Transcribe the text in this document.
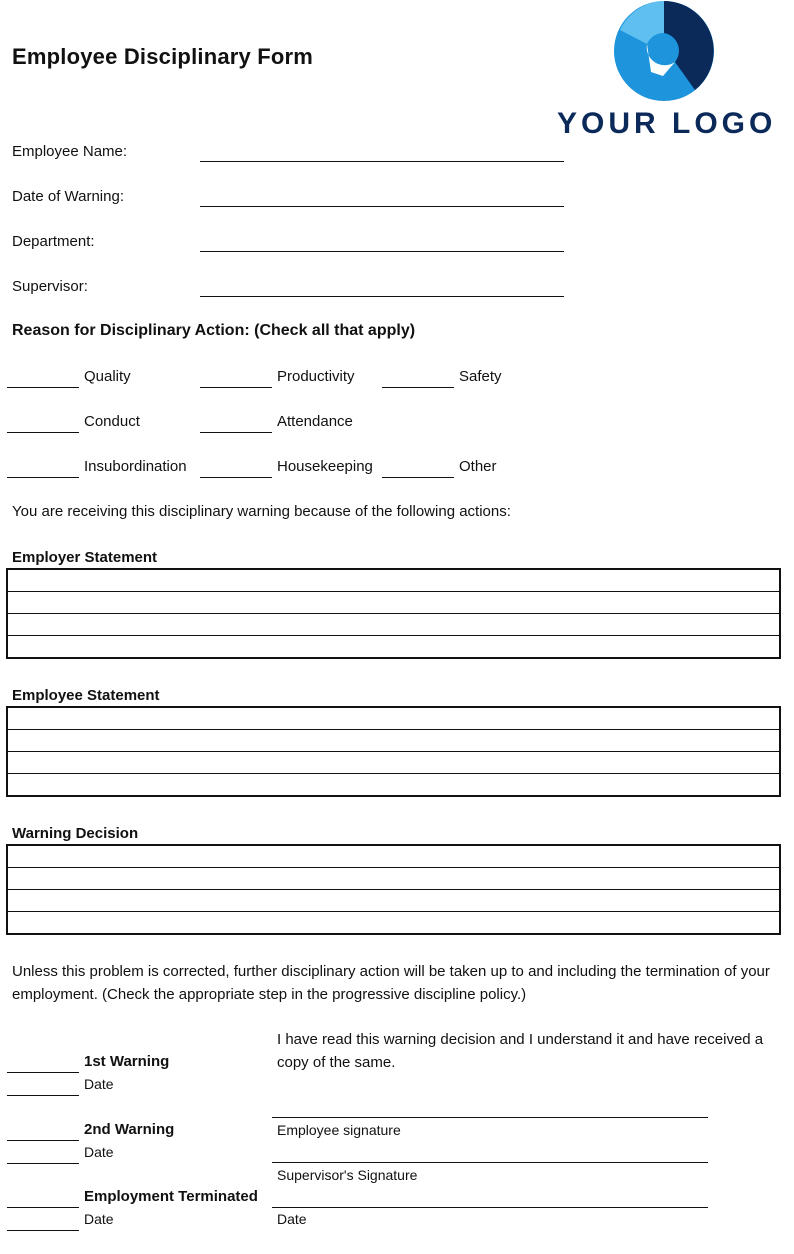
Employee Disciplinary Form
YOUR LOGO
Employee Name:
Date of Warning:
Department:
Supervisor:
Reason for Disciplinary Action: (Check all that apply)
Quality	Productivity	Safety
Conduct	Attendance
Insubordination	Housekeeping	Other
You are receiving this disciplinary warning because of the following actions:
Employer Statement
Employee Statement
Warning Decision
Unless this problem is corrected, further disciplinary action will be taken up to and including the termination of your employment. (Check the appropriate step in the progressive discipline policy.)
I have read this warning decision and I understand it and have received a copy of the same.
1st Warning
Date
2nd Warning
Date
Employment Terminated
Date
Employee signature
Supervisor's Signature
Date
